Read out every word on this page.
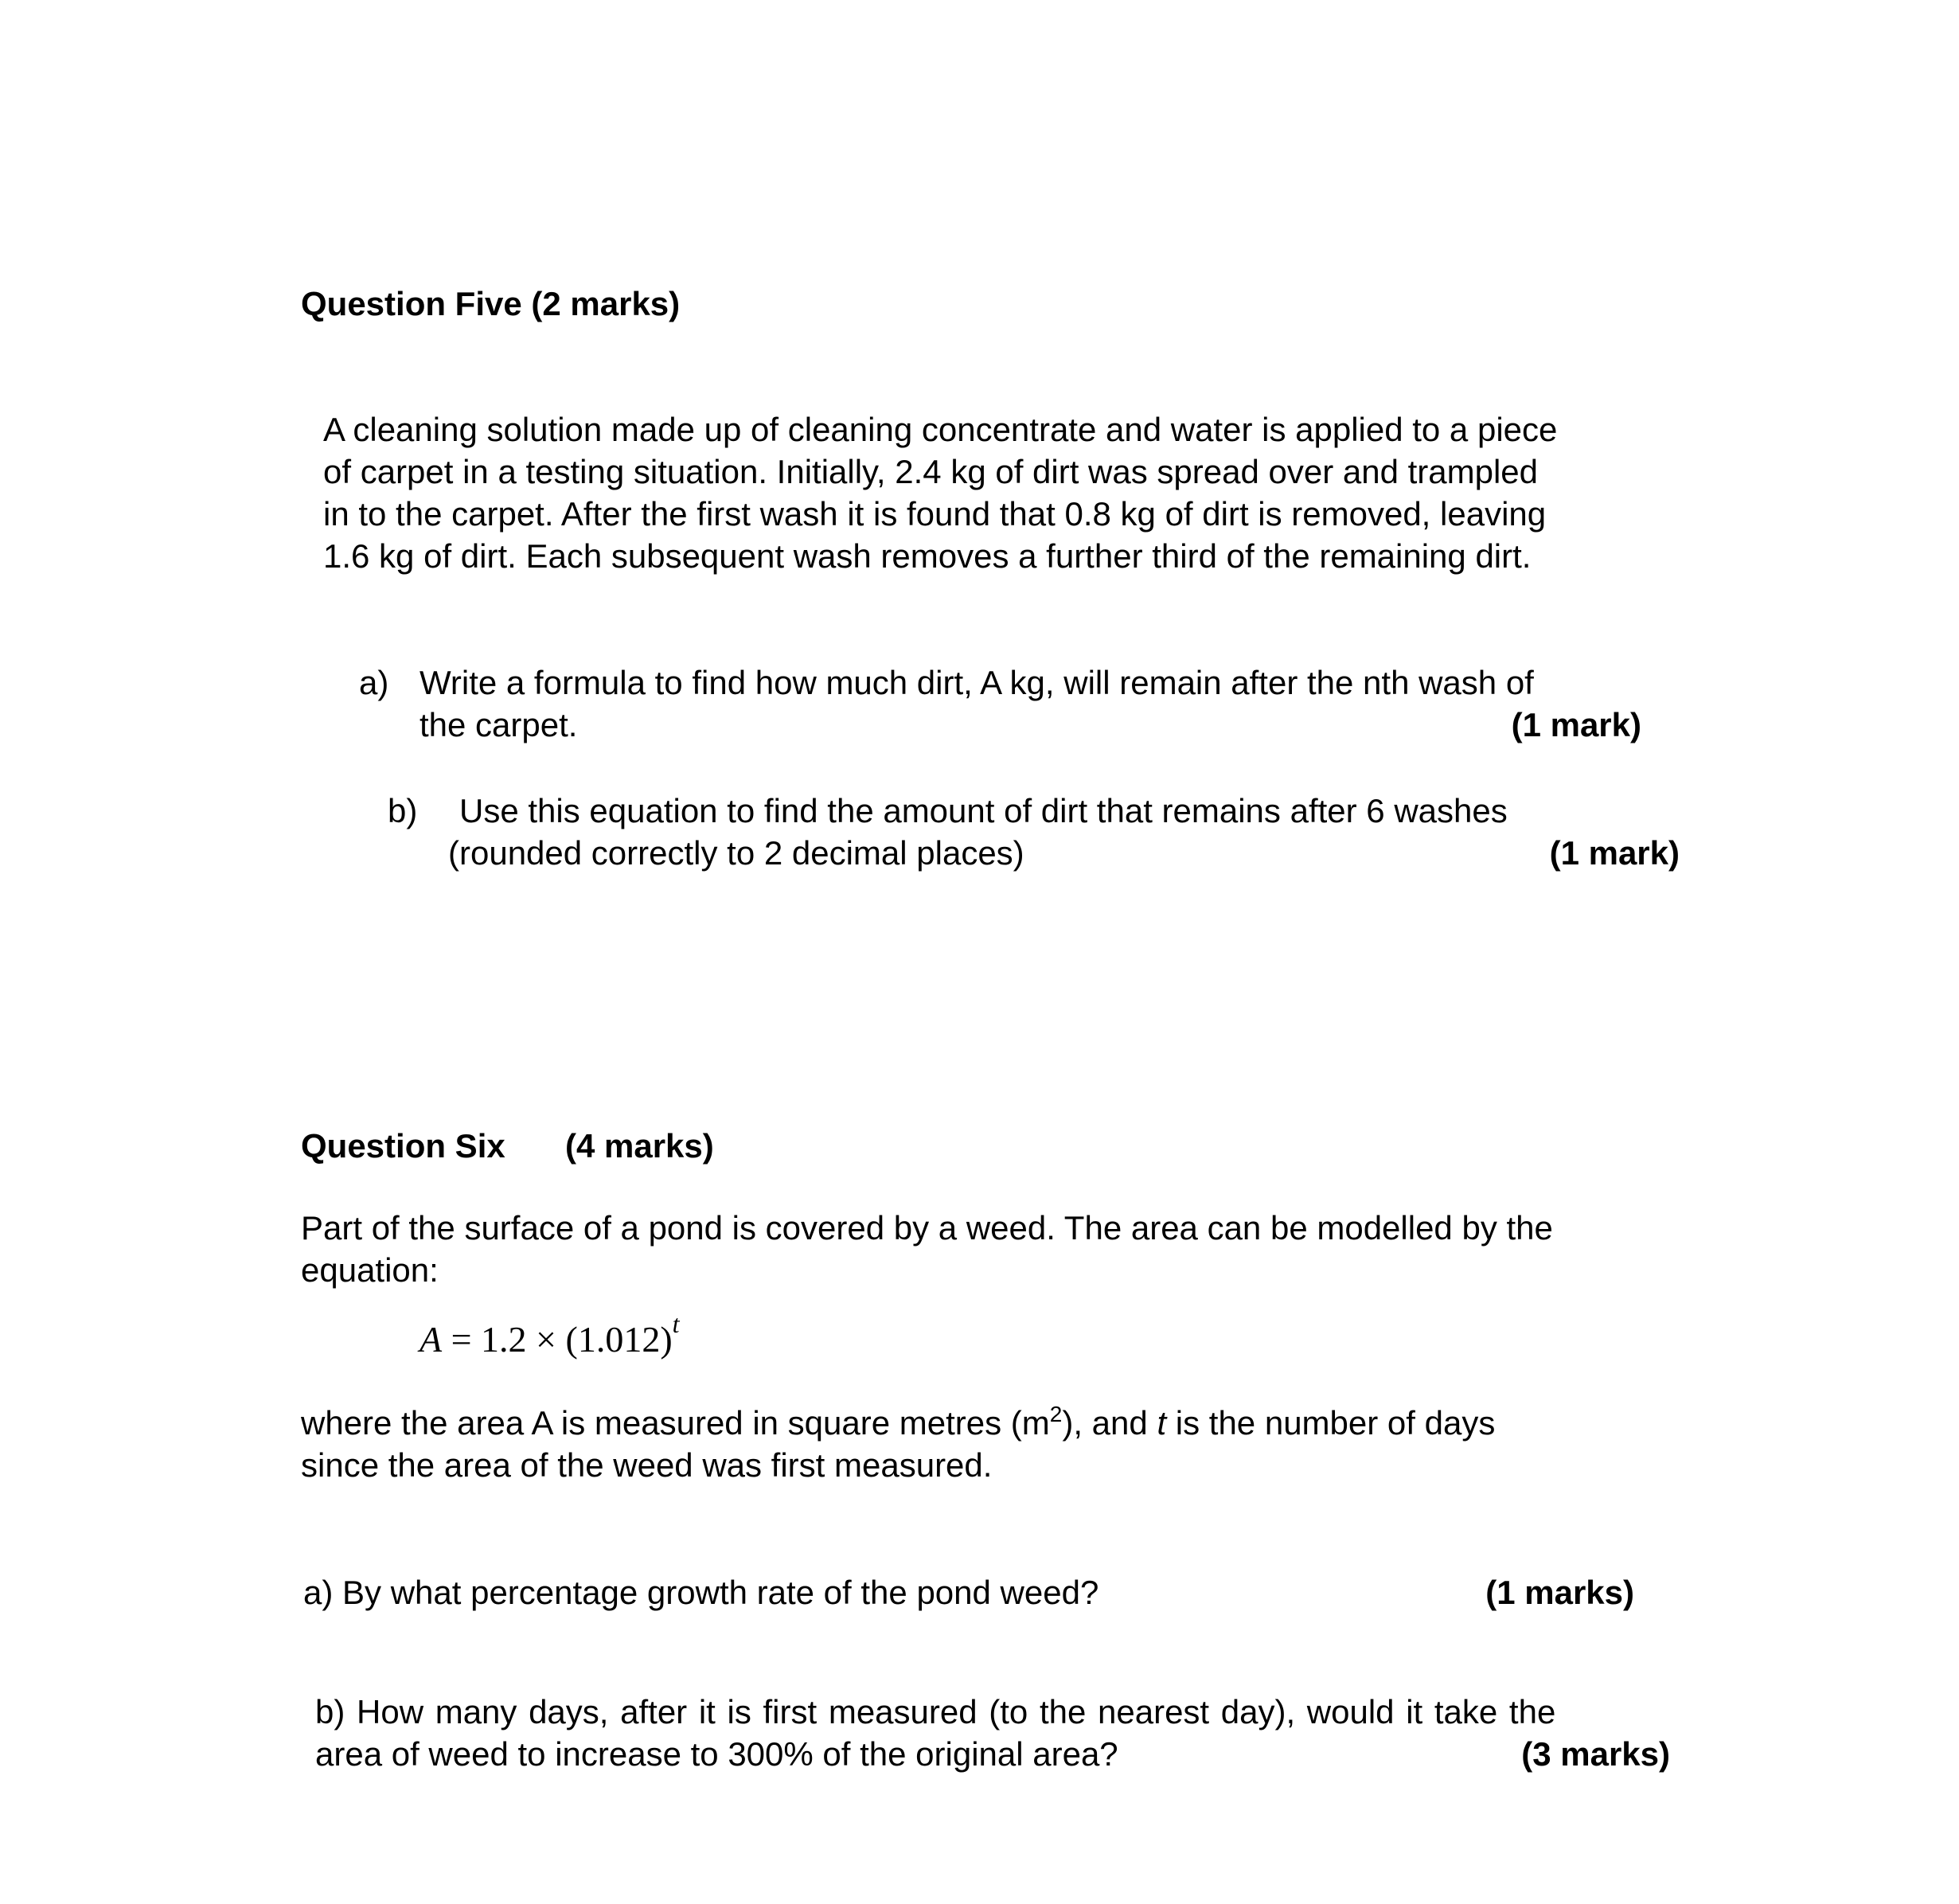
Question Five (2 marks)
A cleaning solution made up of cleaning concentrate and water is applied to a piece
of carpet in a testing situation. Initially, 2.4 kg of dirt was spread over and trampled
in to the carpet. After the first wash it is found that 0.8 kg of dirt is removed, leaving
1.6 kg of dirt. Each subsequent wash removes a further third of the remaining dirt.
a) Write a formula to find how much dirt, A kg, will remain after the nth wash of
the carpet.	(1 mark)
b) Use this equation to find the amount of dirt that remains after 6 washes
(rounded correctly to 2 decimal places)	(1 mark)
Question Six (4 marks)
Part of the surface of a pond is covered by a weed. The area can be modelled by the
equation:
$A = 1.2 \times (1.012)^t$
where the area A is measured in square metres $(m^2)$, and t is the number of days
since the area of the weed was first measured.
a) By what percentage growth rate of the pond weed?	(1 marks)
b) How many days, after it is first measured (to the nearest day), would it take the
area of weed to increase to 300% of the original area?	(3 marks)
